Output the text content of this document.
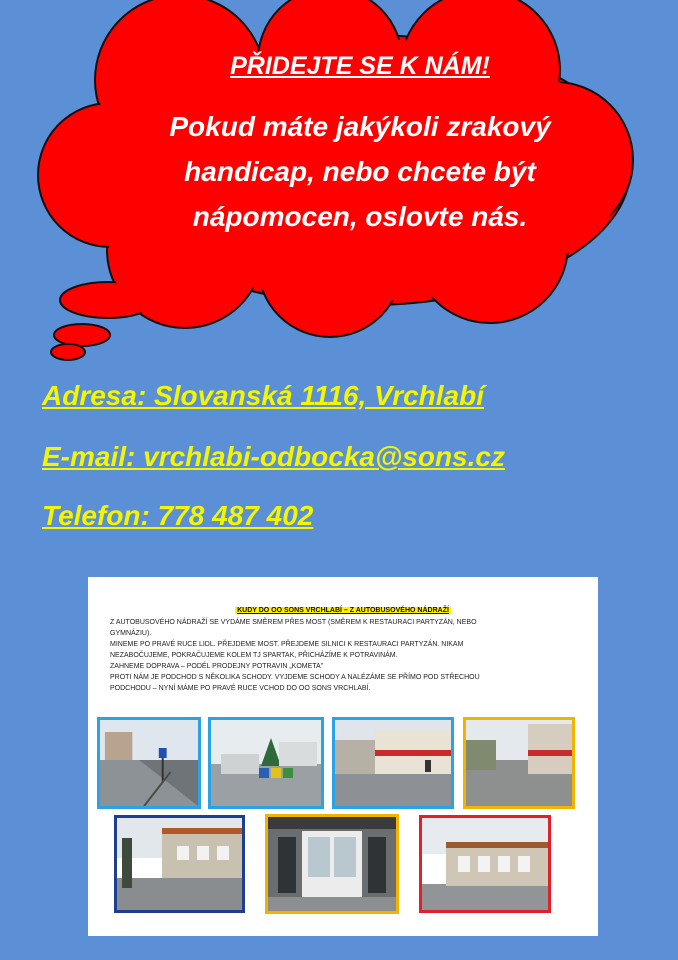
PŘIDEJTE SE K NÁM!
Pokud máte jakýkoli zrakový
handicap, nebo chcete být
nápomocen, oslovte nás.
Adresa: Slovanská 1116, Vrchlabí
E-mail: vrchlabi-odbocka@sons.cz
Telefon: 778 487 402
KUDY DO OO SONS VRCHLABÍ – Z AUTOBUSOVÉHO NÁDRAŽÍ
Z AUTOBUSOVÉHO NÁDRAŽÍ SE VYDÁME SMĚREM PŘES MOST (SMĚREM K RESTAURACI PARTYZÁN, NEBO
GYMNÁZIU).
MINEME PO PRAVÉ RUCE LIDL. PŘEJDEME MOST. PŘEJDEME SILNICI K RESTAURACI PARTYZÁN. NIKAM
NEZABOČUJEME, POKRAČUJEME KOLEM TJ SPARTAK, PŘICHÁZÍME K POTRAVINÁM.
ZAHNEME DOPRAVA – PODÉL PRODEJNY POTRAVIN „KOMETA"
PROTI NÁM JE PODCHOD S NĚKOLIKA SCHODY. VYJDEME SCHODY A NALÉZÁME SE PŘÍMO POD STŘECHOU
PODCHODU – NYNÍ MÁME PO PRAVÉ RUCE VCHOD DO OO SONS VRCHLABÍ.
